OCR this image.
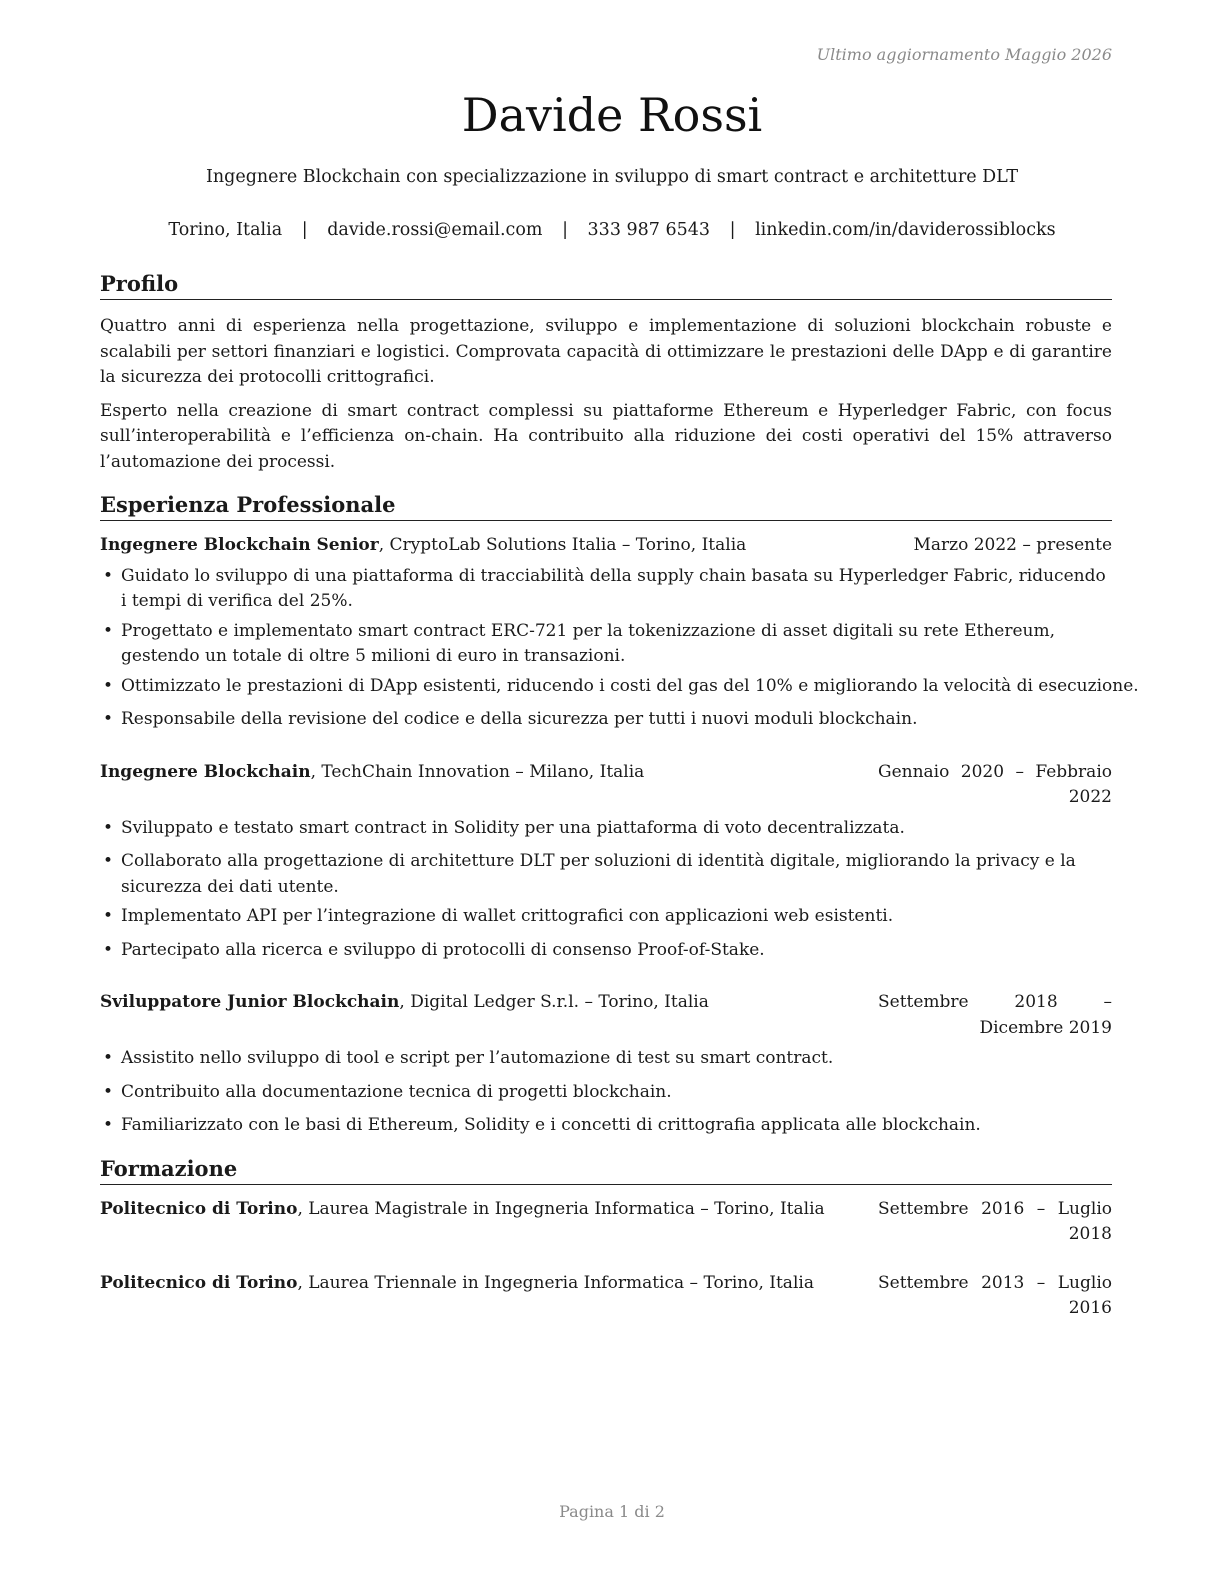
Ultimo aggiornamento Maggio 2026
Davide Rossi
Ingegnere Blockchain con specializzazione in sviluppo di smart contract e architetture DLT
Torino, Italia | davide.rossi@email.com | 333 987 6543 | linkedin.com/in/daviderossiblocks
Profilo

Quattro anni di esperienza nella progettazione, sviluppo e implementazione di soluzioni blockchain robuste e scalabili per settori finanziari e logistici. Comprovata capacità di ottimizzare le prestazioni delle DApp e di garantire la sicurezza dei protocolli crittografici.

Esperto nella creazione di smart contract complessi su piattaforme Ethereum e Hyperledger Fabric, con focus sull’interoperabilità e l’efficienza on-chain. Ha contribuito alla riduzione dei costi operativi del 15% attraverso l’automazione dei processi.

Esperienza Professionale
Ingegnere Blockchain Senior, CryptoLab Solutions Italia – Torino, Italia	Marzo 2022 – presente
• Guidato lo sviluppo di una piattaforma di tracciabilità della supply chain basata su Hyperledger Fabric, riducendo i tempi di verifica del 25%.
• Progettato e implementato smart contract ERC-721 per la tokenizzazione di asset digitali su rete Ethereum, gestendo un totale di oltre 5 milioni di euro in transazioni.
• Ottimizzato le prestazioni di DApp esistenti, riducendo i costi del gas del 10% e migliorando la velocità di esecuzione.
• Responsabile della revisione del codice e della sicurezza per tutti i nuovi moduli blockchain.
Ingegnere Blockchain, TechChain Innovation – Milano, Italia	Gennaio 2020 – Febbraio 2022
• Sviluppato e testato smart contract in Solidity per una piattaforma di voto decentralizzata.
• Collaborato alla progettazione di architetture DLT per soluzioni di identità digitale, migliorando la privacy e la sicurezza dei dati utente.
• Implementato API per l’integrazione di wallet crittografici con applicazioni web esistenti.
• Partecipato alla ricerca e sviluppo di protocolli di consenso Proof-of-Stake.
Sviluppatore Junior Blockchain, Digital Ledger S.r.l. – Torino, Italia	Settembre 2018 – Dicembre 2019
• Assistito nello sviluppo di tool e script per l’automazione di test su smart contract.
• Contribuito alla documentazione tecnica di progetti blockchain.
• Familiarizzato con le basi di Ethereum, Solidity e i concetti di crittografia applicata alle blockchain.
Formazione
Politecnico di Torino, Laurea Magistrale in Ingegneria Informatica – Torino, Italia	Settembre 2016 – Luglio 2018
Politecnico di Torino, Laurea Triennale in Ingegneria Informatica – Torino, Italia	Settembre 2013 – Luglio 2016
Pagina 1 di 2
